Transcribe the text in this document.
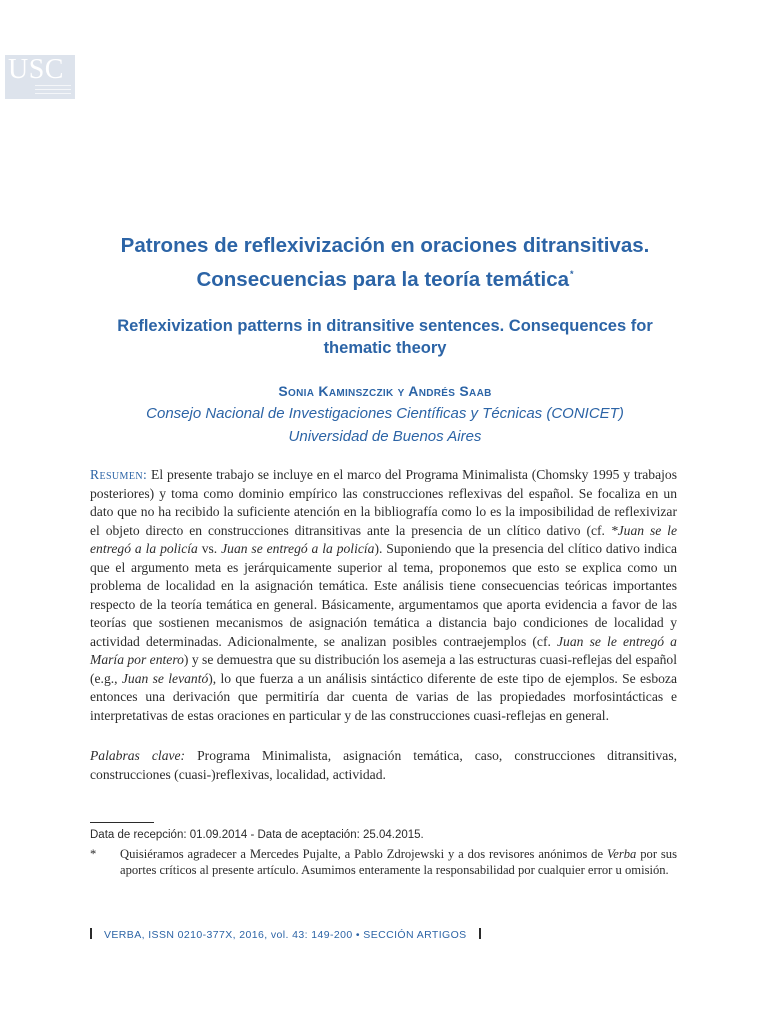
USC
Patrones de reflexivización en oraciones ditransitivas.
Consecuencias para la teoría temática*
Reflexivization patterns in ditransitive sentences. Consequences for
thematic theory
Sonia Kaminszczik y Andrés Saab
Consejo Nacional de Investigaciones Científicas y Técnicas (CONICET)
Universidad de Buenos Aires

Resumen: El presente trabajo se incluye en el marco del Programa Minimalista (Chomsky 1995 y trabajos posteriores) y toma como dominio empírico las construcciones reflexivas del español. Se focaliza en un dato que no ha recibido la suficiente atención en la bibliografía como lo es la imposibilidad de reflexivizar el objeto directo en construcciones ditransitivas ante la presencia de un clítico dativo (cf. *Juan se le entregó a la policía vs. Juan se entregó a la policía). Suponiendo que la presencia del clítico dativo indica que el argumento meta es jerárquicamente superior al tema, proponemos que esto se explica como un problema de localidad en la asignación temática. Este análisis tiene consecuencias teóricas importantes respecto de la teoría temática en general. Básicamente, argumentamos que aporta evidencia a favor de las teorías que sostienen mecanismos de asignación temática a distancia bajo condiciones de localidad y actividad determinadas. Adicionalmente, se analizan posibles contraejemplos (cf. Juan se le entregó a María por entero) y se demuestra que su distribución los asemeja a las estructuras cuasi-reflejas del español (e.g., Juan se levantó), lo que fuerza a un análisis sintáctico diferente de este tipo de ejemplos. Se esboza entonces una derivación que permitiría dar cuenta de varias de las propiedades morfosintácticas e interpretativas de estas oraciones en particular y de las construcciones cuasi-reflejas en general.

Palabras clave: Programa Minimalista, asignación temática, caso, construcciones ditransitivas, construcciones (cuasi-)reflexivas, localidad, actividad.

Data de recepción: 01.09.2014 - Data de aceptación: 25.04.2015.

* Quisiéramos agradecer a Mercedes Pujalte, a Pablo Zdrojewski y a dos revisores anónimos de Verba por sus aportes críticos al presente artículo. Asumimos enteramente la responsabilidad por cualquier error u omisión.

VERBA, ISSN 0210-377X, 2016, vol. 43: 149-200 • SECCIÓN ARTIGOS
